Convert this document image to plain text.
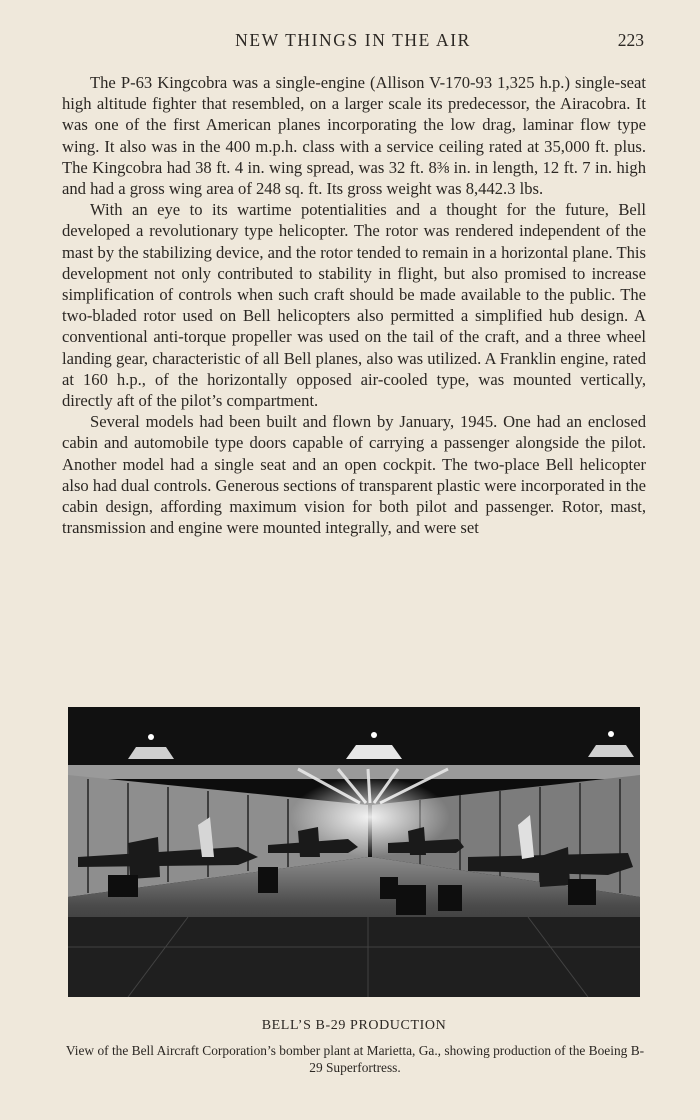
NEW THINGS IN THE AIR	223

The P-63 Kingcobra was a single-engine (Allison V-170-93 1,325 h.p.) single-seat high altitude fighter that resembled, on a larger scale its predecessor, the Airacobra. It was one of the first American planes incorporating the low drag, laminar flow type wing. It also was in the 400 m.p.h. class with a service ceiling rated at 35,000 ft. plus. The Kingcobra had 38 ft. 4 in. wing spread, was 32 ft. 8⅜ in. in length, 12 ft. 7 in. high and had a gross wing area of 248 sq. ft. Its gross weight was 8,442.3 lbs.

With an eye to its wartime potentialities and a thought for the future, Bell developed a revolutionary type helicopter. The rotor was rendered independent of the mast by the stabilizing device, and the rotor tended to remain in a horizontal plane. This development not only contributed to stability in flight, but also promised to increase simplification of controls when such craft should be made available to the public. The two-bladed rotor used on Bell helicopters also permitted a simplified hub design. A conventional anti-torque propeller was used on the tail of the craft, and a three wheel landing gear, characteristic of all Bell planes, also was utilized. A Franklin engine, rated at 160 h.p., of the horizontally opposed air-cooled type, was mounted vertically, directly aft of the pilot’s compartment.

Several models had been built and flown by January, 1945. One had an enclosed cabin and automobile type doors capable of carrying a passenger alongside the pilot. Another model had a single seat and an open cockpit. The two-place Bell helicopter also had dual controls. Generous sections of transparent plastic were incorporated in the cabin design, affording maximum vision for both pilot and passenger. Rotor, mast, transmission and engine were mounted integrally, and were set

BELL’S B-29 PRODUCTION
View of the Bell Aircraft Corporation’s bomber plant at Marietta, Ga., showing production of the Boeing B-29 Superfortress.
